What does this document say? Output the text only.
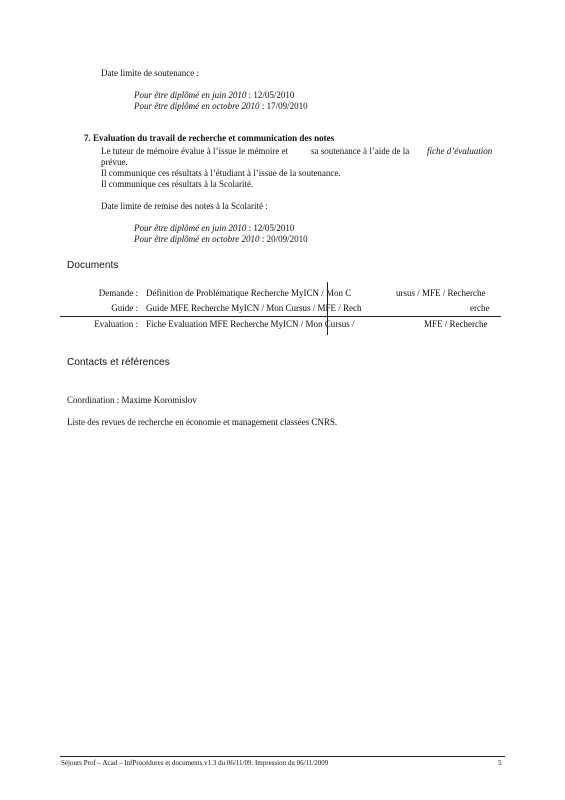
Date limite de soutenance :
Pour être diplômé en juin 2010 : 12/05/2010
Pour être diplômé en octobre 2010 : 17/09/2010
7. Evaluation du travail de recherche et communication des notes
Le tuteur de mémoire évalue à l’issue le mémoire et	sa soutenance à l’aide de la fiche d’évaluation
prévue.
Il communique ces résultats à l’étudiant à l’issue de la soutenance.
Il communique ces résultats à la Scolarité.
Date limite de remise des notes à la Scolarité :
Pour être diplômé en juin 2010 : 12/05/2010
Pour être diplômé en octobre 2010 : 20/09/2010
Documents
Demande : Définition de Problématique Recherche MyICN / Mon C	ursus / MFE / Recherche
Guide : Guide MFE Recherche MyICN / Mon Cursus / MFE / Rech	erche
Evaluation : Fiche Evaluation MFE Recherche MyICN / Mon Cursus /	MFE / Recherche
Contacts et références
Coordination : Maxime Koromislov
Liste des revues de recherche en économie et management classées CNRS.
Séjours Prof – Acad – InfProcédures et documents.v1.3 du 06/11/09. Impression du 06/11/2009	5
